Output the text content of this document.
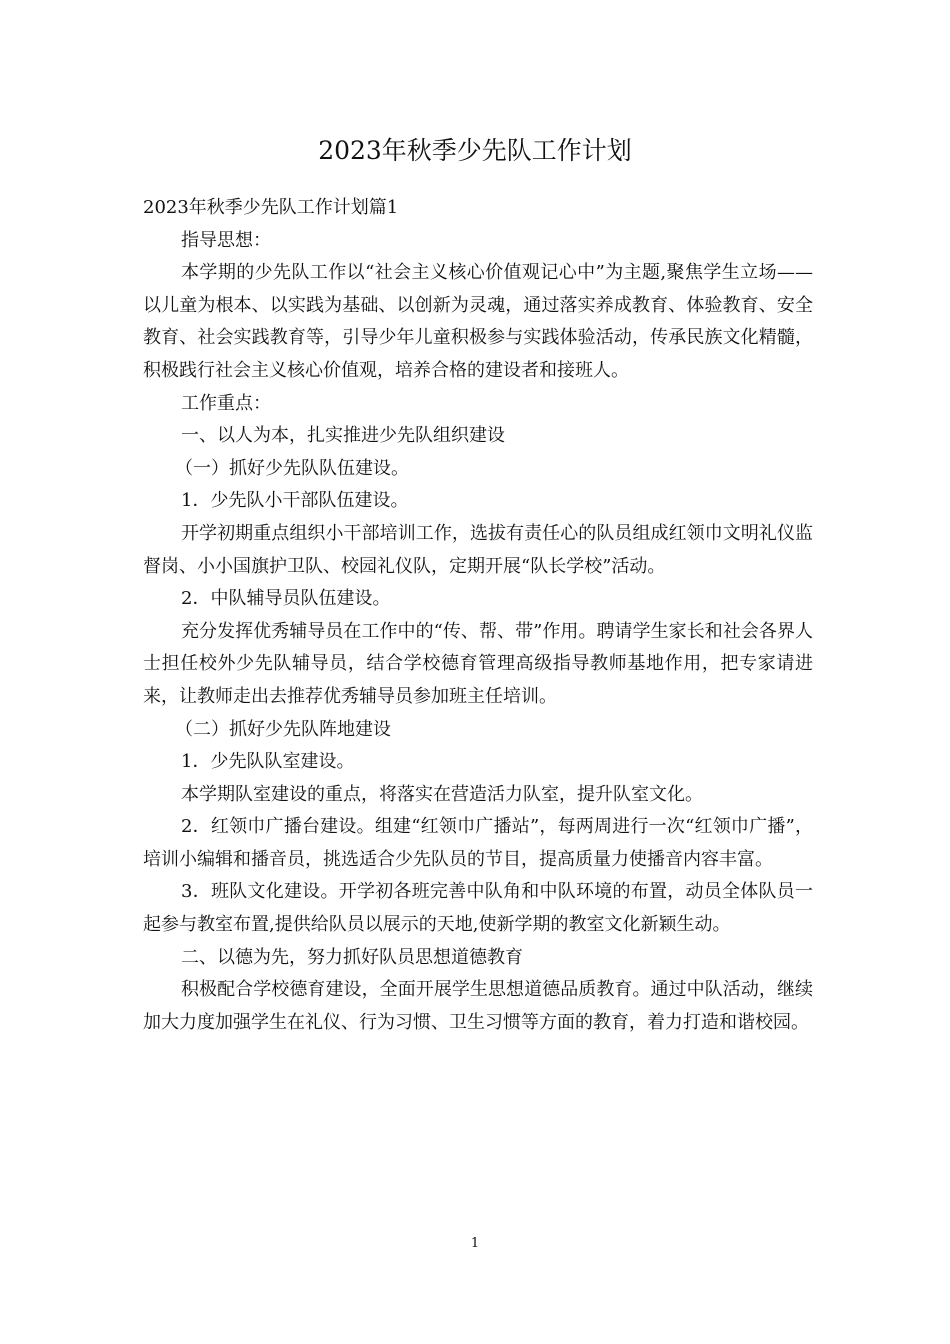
2023年秋季少先队工作计划

2023年秋季少先队工作计划篇1

指导思想：

本学期的少先队工作以“社会主义核心价值观记心中”为主题,聚焦学生立场——以儿童为根本、以实践为基础、以创新为灵魂，通过落实养成教育、体验教育、安全教育、社会实践教育等，引导少年儿童积极参与实践体验活动，传承民族文化精髓，积极践行社会主义核心价值观，培养合格的建设者和接班人。

工作重点：

一、以人为本，扎实推进少先队组织建设

（一）抓好少先队队伍建设。

1．少先队小干部队伍建设。

开学初期重点组织小干部培训工作，选拔有责任心的队员组成红领巾文明礼仪监督岗、小小国旗护卫队、校园礼仪队，定期开展“队长学校”活动。

2．中队辅导员队伍建设。

充分发挥优秀辅导员在工作中的“传、帮、带”作用。聘请学生家长和社会各界人士担任校外少先队辅导员，结合学校德育管理高级指导教师基地作用，把专家请进来，让教师走出去推荐优秀辅导员参加班主任培训。

（二）抓好少先队阵地建设

1．少先队队室建设。

本学期队室建设的重点，将落实在营造活力队室，提升队室文化。

2．红领巾广播台建设。组建“红领巾广播站”，每两周进行一次“红领巾广播”，培训小编辑和播音员，挑选适合少先队员的节目，提高质量力使播音内容丰富。

3．班队文化建设。开学初各班完善中队角和中队环境的布置，动员全体队员一起参与教室布置,提供给队员以展示的天地,使新学期的教室文化新颖生动。

二、以德为先，努力抓好队员思想道德教育

积极配合学校德育建设，全面开展学生思想道德品质教育。通过中队活动，继续加大力度加强学生在礼仪、行为习惯、卫生习惯等方面的教育，着力打造和谐校园。

1
